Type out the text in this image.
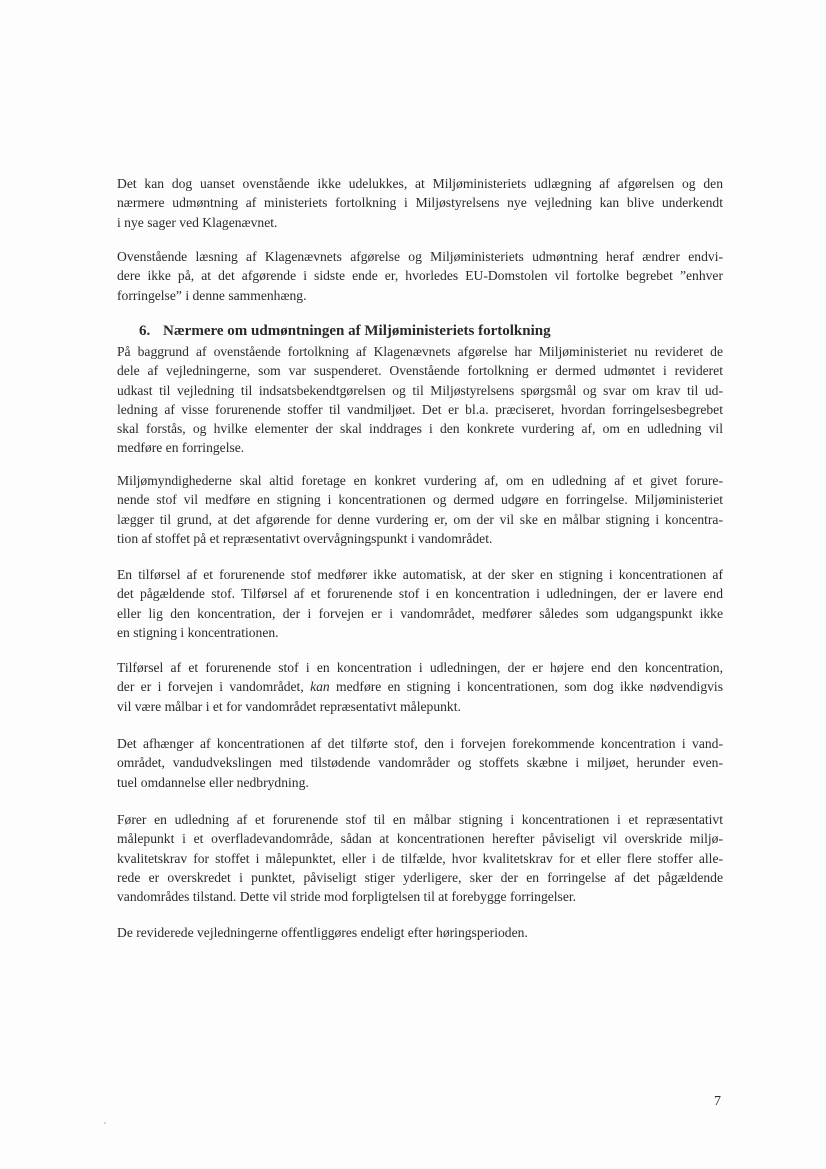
Det kan dog uanset ovenstående ikke udelukkes, at Miljøministeriets udlægning af afgørelsen og den
nærmere udmøntning af ministeriets fortolkning i Miljøstyrelsens nye vejledning kan blive underkendt
i nye sager ved Klagenævnet.

Ovenstående læsning af Klagenævnets afgørelse og Miljøministeriets udmøntning heraf ændrer endvi-
dere ikke på, at det afgørende i sidste ende er, hvorledes EU-Domstolen vil fortolke begrebet ”enhver
forringelse” i denne sammenhæng.

6. Nærmere om udmøntningen af Miljøministeriets fortolkning

På baggrund af ovenstående fortolkning af Klagenævnets afgørelse har Miljøministeriet nu revideret de
dele af vejledningerne, som var suspenderet. Ovenstående fortolkning er dermed udmøntet i revideret
udkast til vejledning til indsatsbekendtgørelsen og til Miljøstyrelsens spørgsmål og svar om krav til ud-
ledning af visse forurenende stoffer til vandmiljøet. Det er bl.a. præciseret, hvordan forringelsesbegrebet
skal forstås, og hvilke elementer der skal inddrages i den konkrete vurdering af, om en udledning vil
medføre en forringelse.

Miljømyndighederne skal altid foretage en konkret vurdering af, om en udledning af et givet forure-
nende stof vil medføre en stigning i koncentrationen og dermed udgøre en forringelse. Miljøministeriet
lægger til grund, at det afgørende for denne vurdering er, om der vil ske en målbar stigning i koncentra-
tion af stoffet på et repræsentativt overvågningspunkt i vandområdet.

En tilførsel af et forurenende stof medfører ikke automatisk, at der sker en stigning i koncentrationen af
det pågældende stof. Tilførsel af et forurenende stof i en koncentration i udledningen, der er lavere end
eller lig den koncentration, der i forvejen er i vandområdet, medfører således som udgangspunkt ikke
en stigning i koncentrationen.

Tilførsel af et forurenende stof i en koncentration i udledningen, der er højere end den koncentration,
der er i forvejen i vandområdet, kan medføre en stigning i koncentrationen, som dog ikke nødvendigvis
vil være målbar i et for vandområdet repræsentativt målepunkt.

Det afhænger af koncentrationen af det tilførte stof, den i forvejen forekommende koncentration i vand-
området, vandudvekslingen med tilstødende vandområder og stoffets skæbne i miljøet, herunder even-
tuel omdannelse eller nedbrydning.

Fører en udledning af et forurenende stof til en målbar stigning i koncentrationen i et repræsentativt
målepunkt i et overfladevandområde, sådan at koncentrationen herefter påviseligt vil overskride miljø-
kvalitetskrav for stoffet i målepunktet, eller i de tilfælde, hvor kvalitetskrav for et eller flere stoffer alle-
rede er overskredet i punktet, påviseligt stiger yderligere, sker der en forringelse af det pågældende
vandområdes tilstand. Dette vil stride mod forpligtelsen til at forebygge forringelser.

De reviderede vejledningerne offentliggøres endeligt efter høringsperioden.

7
